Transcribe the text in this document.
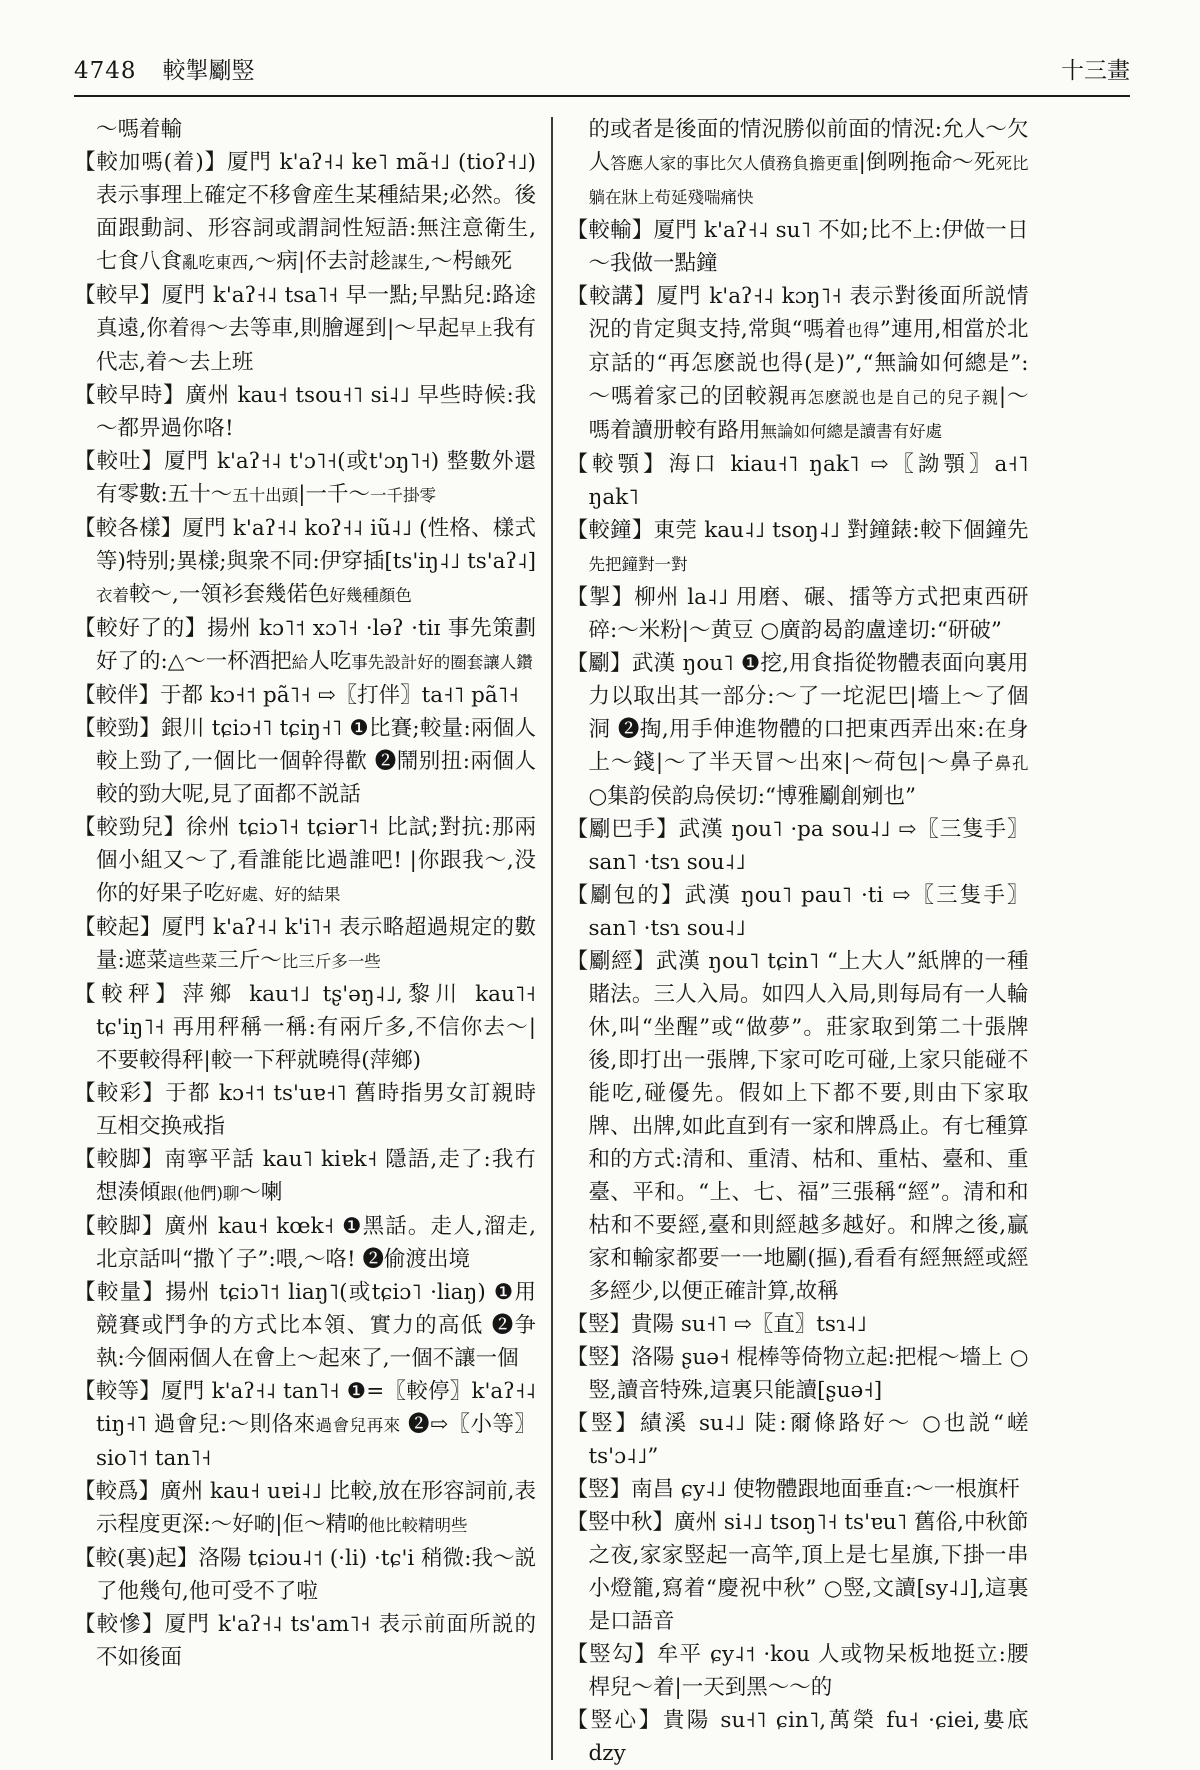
4748 較掣劚竪	十三畫
～嗎着輸
【較加嗎(着)】厦門 k'aʔ˧˨ ke˥ mã˧˩ (tioʔ˧˩) 表示事理上確定不移會産生某種結果;必然。後面跟動詞、形容詞或謂詞性短語:無注意衛生,七食八食亂吃東西,～病|伓去討趁謀生,～枵餓死
【較早】厦門 k'aʔ˧˨ tsa˥˧ 早一點;早點兒:路途真遠,你着得～去等車,則膾遲到|～早起早上我有代志,着～去上班
【較早時】廣州 kau˧ tsou˧˥ si˨˩ 早些時候:我～都畀過你咯!
【較吐】厦門 k'aʔ˧˨ t'ɔ˥˧(或t'ɔŋ˥˧) 整數外還有零數:五十～五十出頭|一千～一千掛零
【較各樣】厦門 k'aʔ˧˨ koʔ˧˨ iũ˨˩ (性格、樣式等)特别;異樣;與衆不同:伊穿插[ts'iŋ˨˩ ts'aʔ˨]衣着較～,一領衫套幾偌色好幾種顏色
【較好了的】揚州 kɔ˥˦ xɔ˥˧ ·ləʔ ·tiɪ 事先策劃好了的:△～一杯酒把給人吃事先設計好的圈套讓人鑽
【較伴】于都 kɔ˧˦ pã˥˧ ⇨〖打伴〗ta˧˥ pã˥˧
【較勁】銀川 tɕiɔ˧˥ tɕiŋ˧˥ ❶比賽;較量:兩個人較上勁了,一個比一個幹得歡 ❷鬧别扭:兩個人較的勁大呢,見了面都不説話
【較勁兒】徐州 tɕiɔ˥˧ tɕiər˥˧ 比試;對抗:那兩個小組又～了,看誰能比過誰吧! |你跟我～,没你的好果子吃好處、好的結果
【較起】厦門 k'aʔ˧˨ k'i˥˧ 表示略超過規定的數量:遮菜這些菜三斤～比三斤多一些
【較秤】萍鄉 kau˦˩ tʂ'əŋ˨˩,黎川 kau˥˧ tɕ'iŋ˥˧ 再用秤稱一稱:有兩斤多,不信你去～|不要較得秤|較一下秤就曉得(萍鄉)
【較彩】于都 kɔ˧˦ ts'uɐ˧˥ 舊時指男女訂親時互相交换戒指
【較脚】南寧平話 kau˥ kiɐk˧ 隱語,走了:我冇想湊傾跟(他們)聊～喇
【較脚】廣州 kau˧ kœk˧ ❶黑話。走人,溜走,北京話叫“撒丫子”:喂,～咯! ❷偷渡出境
【較量】揚州 tɕiɔ˥˦ liaŋ˥(或tɕiɔ˥ ·liaŋ) ❶用競賽或鬥争的方式比本領、實力的高低 ❷争執:今個兩個人在會上～起來了,一個不讓一個
【較等】厦門 k'aʔ˧˨ tan˥˧ ❶=〖較停〗k'aʔ˧˨ tiŋ˧˥ 過會兒:～則佫來過會兒再來 ❷⇨〖小等〗sio˥˦ tan˥˧
【較爲】廣州 kau˧ uɐi˨˩ 比較,放在形容詞前,表示程度更深:～好啲|佢～精啲他比較精明些
【較(裏)起】洛陽 tɕiɔu˨˦ (·li) ·tɕ'i 稍微:我～説了他幾句,他可受不了啦
【較慘】厦門 k'aʔ˧˨ ts'am˥˧ 表示前面所説的不如後面
的或者是後面的情況勝似前面的情況:允人～欠人答應人家的事比欠人債務負擔更重|倒咧拖命～死死比躺在牀上苟延殘喘痛快
【較輸】厦門 k'aʔ˧˨ su˥ 不如;比不上:伊做一日～我做一點鐘
【較講】厦門 k'aʔ˧˨ kɔŋ˥˧ 表示對後面所説情況的肯定與支持,常與“嗎着也得”連用,相當於北京話的“再怎麽説也得(是)”,“無論如何總是”:～嗎着家己的囝較親再怎麽説也是自己的兒子親|～嗎着讀册較有路用無論如何總是讀書有好處
【較顎】海口 kiau˧˥ ŋak˥ ⇨〖詏顎〗a˧˥ ŋak˥
【較鐘】東莞 kau˨˩ tsoŋ˨˩ 對鐘錶:較下個鐘先先把鐘對一對
【掣】柳州 la˨˩ 用磨、碾、擂等方式把東西研碎:～米粉|～黄豆 ○廣韵曷韵盧達切:“研破”
【劚】武漢 ŋou˥ ❶挖,用食指從物體表面向裏用力以取出其一部分:～了一坨泥巴|墻上～了個洞 ❷掏,用手伸進物體的口把東西弄出來:在身上～錢|～了半天冒～出來|～荷包|～鼻子鼻孔 ○集韵侯韵烏侯切:“博雅劚創剜也”
【劚巴手】武漢 ŋou˥ ·pa sou˨˩ ⇨〖三隻手〗san˥ ·tsɿ sou˨˩
【劚包的】武漢 ŋou˥ pau˥ ·ti ⇨〖三隻手〗san˥ ·tsɿ sou˨˩
【劚經】武漢 ŋou˥ tɕin˥ “上大人”紙牌的一種賭法。三人入局。如四人入局,則每局有一人輪休,叫“坐醒”或“做夢”。莊家取到第二十張牌後,即打出一張牌,下家可吃可碰,上家只能碰不能吃,碰優先。假如上下都不要,則由下家取牌、出牌,如此直到有一家和牌爲止。有七種算和的方式:清和、重清、枯和、重枯、臺和、重臺、平和。“上、七、福”三張稱“經”。清和和枯和不要經,臺和則經越多越好。和牌之後,贏家和輸家都要一一地劚(摳),看看有經無經或經多經少,以便正確計算,故稱
【竪】貴陽 su˧˥ ⇨〖直〗tsɿ˨˩
【竪】洛陽 ʂuə˧ 棍棒等倚物立起:把棍～墻上 ○竪,讀音特殊,這裏只能讀[ʂuə˧]
【竪】績溪 su˨˩ 陡:爾條路好～ ○也説“嵯 ts'ɔ˨˩”
【竪】南昌 ɕy˨˩ 使物體跟地面垂直:～一根旗杆
【竪中秋】廣州 si˨˩ tsoŋ˥˧ ts'ɐu˥ 舊俗,中秋節之夜,家家竪起一高竿,頂上是七星旗,下掛一串小燈籠,寫着“慶祝中秋” ○竪,文讀[sy˨˩],這裏是口語音
【竪勾】牟平 ɕy˨˦ ·kou 人或物呆板地挺立:腰桿兒～着|一天到黑～～的
【竪心】貴陽 su˧˥ ɕin˥,萬榮 fu˧ ·ɕiei,婁底 dzy
